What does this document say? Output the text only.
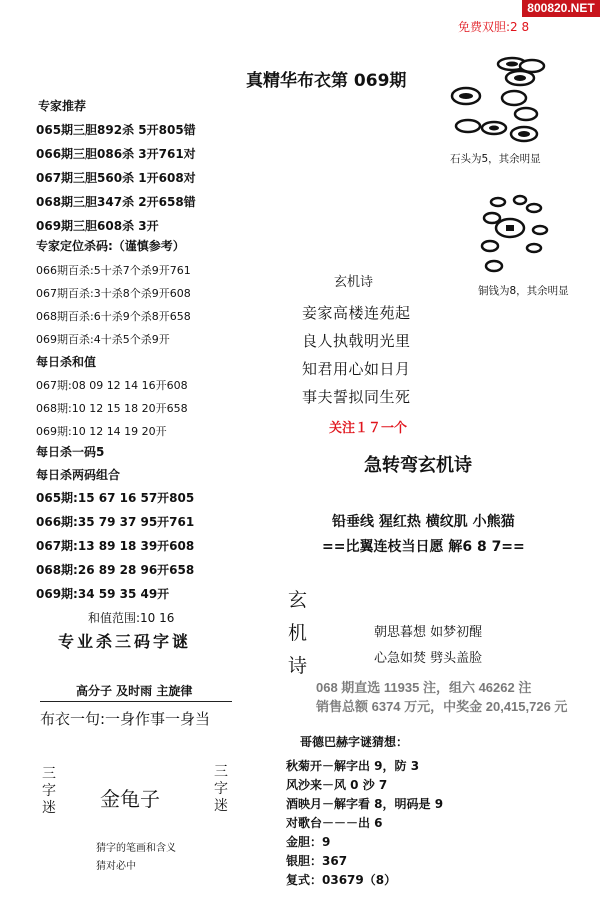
800820.NET
免费双胆:2 8
真精华布衣第 069期
专家推荐
065期三胆892杀 5开805错
066期三胆086杀 3开761对
067期三胆560杀 1开608对
068期三胆347杀 2开658错
069期三胆608杀 3开
专家定位杀码:（谨慎参考）
066期百杀:5十杀7个杀9开761
067期百杀:3十杀8个杀9开608
068期百杀:6十杀9个杀8开658
069期百杀:4十杀5个杀9开
每日杀和值
067期:08 09 12 14 16开608
068期:10 12 15 18 20开658
069期:10 12 14 19 20开
每日杀一码5
每日杀两码组合
065期:15 67 16 57开805
066期:35 79 37 95开761
067期:13 89 18 39开608
068期:26 89 28 96开658
069期:34 59 35 49开
和值范围:10 16
专业杀三码字谜
高分子 及时雨 主旋律
布衣一句:一身作事一身当
三字迷 金龟子
三字迷
猜字的笔画和含义
猜对必中
石头为5，其余明显
铜钱为8，其余明显
玄机诗
妾家高楼连苑起
良人执戟明光里
知君用心如日月
事夫誓拟同生死
关注１７一个
急转弯玄机诗
铅垂线 猩红热 横纹肌 小熊猫
==比翼连枝当日愿 解6 8 7==
玄
机
诗
朝思暮想 如梦初醒
心急如焚 劈头盖脸
068 期直选 11935 注，组六 46262 注
销售总额 6374 万元，中奖金 20,415,726 元
哥德巴赫字谜猜想：
秋菊开－解字出 9，防 3
风沙来－风 0 沙 7
酒映月－解字看 8，明码是 9
对歌台－－－出 6
金胆：9
银胆：367
复式：03679（8）
